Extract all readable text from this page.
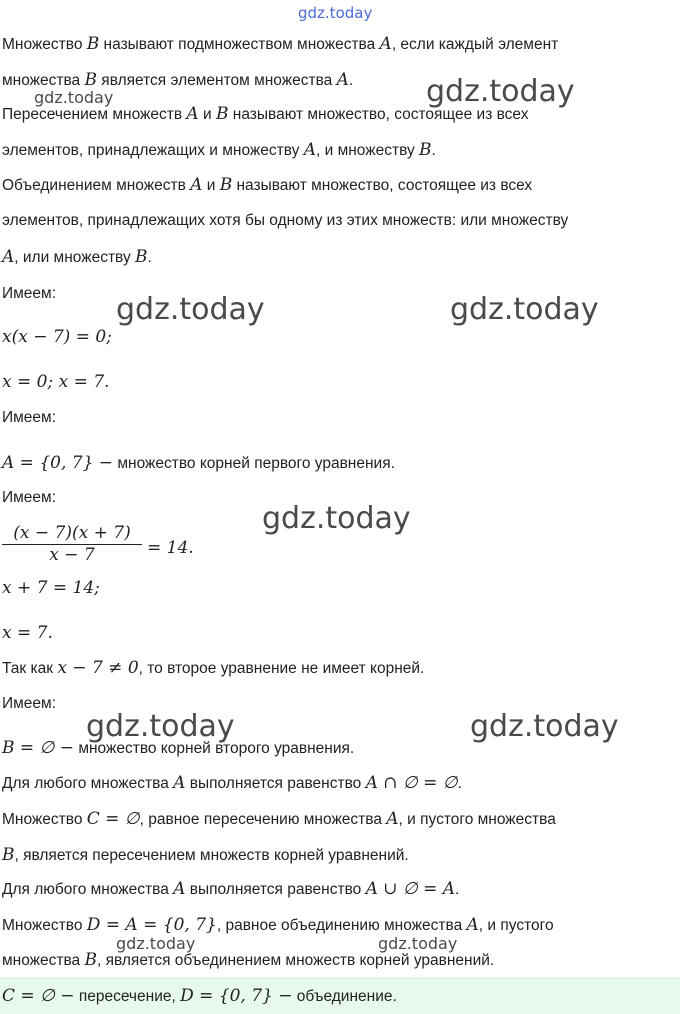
gdz.today
gdz.today	gdz.today
gdz.today	gdz.today
gdz.today
gdz.today	gdz.today
gdz.today	gdz.today
Множество B называют подмножеством множества A, если каждый элемент
множества B является элементом множества A.
Пересечением множеств A и B называют множество, состоящее из всех
элементов, принадлежащих и множеству A, и множеству B.
Объединением множеств A и B называют множество, состоящее из всех
элементов, принадлежащих хотя бы одному из этих множеств: или множеству
A, или множеству B.
Имеем:
x(x − 7) = 0;
x = 0; x = 7.
Имеем:
A = {0, 7} − множество корней первого уравнения.
Имеем:
$\frac{(x - 7)(x + 7)}{x - 7} = 14$.
x + 7 = 14;
x = 7.
Так как x − 7 ≠ 0, то второе уравнение не имеет корней.
Имеем:
B = ∅ − множество корней второго уравнения.
Для любого множества A выполняется равенство A ∩ ∅ = ∅.
Множество C = ∅, равное пересечению множества A, и пустого множества
B, является пересечением множеств корней уравнений.
Для любого множества A выполняется равенство A ∪ ∅ = A.
Множество D = A = {0, 7}, равное объединению множества A, и пустого
множества B, является объединением множеств корней уравнений.
C = ∅ − пересечение, D = {0, 7} − объединение.
